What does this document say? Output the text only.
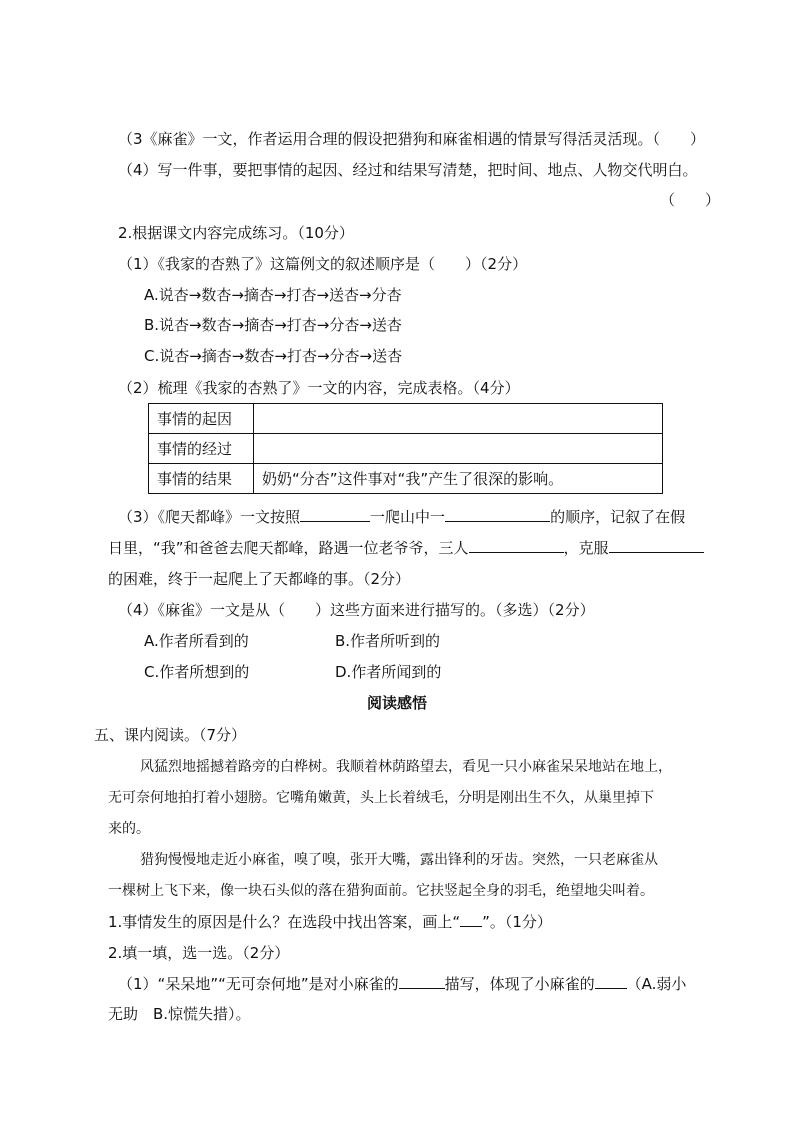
（3《麻雀》一文，作者运用合理的假设把猎狗和麻雀相遇的情景写得活灵活现。（　　）
（4）写一件事，要把事情的起因、经过和结果写清楚，把时间、地点、人物交代明白。
（　　）
2.根据课文内容完成练习。（10分）
（1）《我家的杏熟了》这篇例文的叙述顺序是（　　）（2分）
A.说杏→数杏→摘杏→打杏→送杏→分杏
B.说杏→数杏→摘杏→打杏→分杏→送杏
C.说杏→摘杏→数杏→打杏→分杏→送杏
（2）梳理《我家的杏熟了》一文的内容，完成表格。（4分）
事情的起因	
事情的经过	
事情的结果	奶奶“分杏”这件事对“我”产生了很深的影响。
（3）《爬天都峰》一文按照	一爬山中一	的顺序，记叙了在假
日里，“我”和爸爸去爬天都峰，路遇一位老爷爷，三人	，克服
的困难，终于一起爬上了天都峰的事。（2分）
（4）《麻雀》一文是从（　　）这些方面来进行描写的。（多选）（2分）
A.作者所看到的	B.作者所听到的
C.作者所想到的	D.作者所闻到的
阅读感悟
五、课内阅读。（7分）
风猛烈地摇撼着路旁的白桦树。我顺着林荫路望去，看见一只小麻雀呆呆地站在地上，
无可奈何地拍打着小翅膀。它嘴角嫩黄，头上长着绒毛，分明是刚出生不久，从巢里掉下
来的。
猎狗慢慢地走近小麻雀，嗅了嗅，张开大嘴，露出锋利的牙齿。突然，一只老麻雀从
一棵树上飞下来，像一块石头似的落在猎狗面前。它扶竖起全身的羽毛，绝望地尖叫着。
1.事情发生的原因是什么？在选段中找出答案，画上“ ”。（1分）
2.填一填，选一选。（2分）
（1）“呆呆地”“无可奈何地”是对小麻雀的	描写，体现了小麻雀的 （A.弱小
无助　B.惊慌失措）。
